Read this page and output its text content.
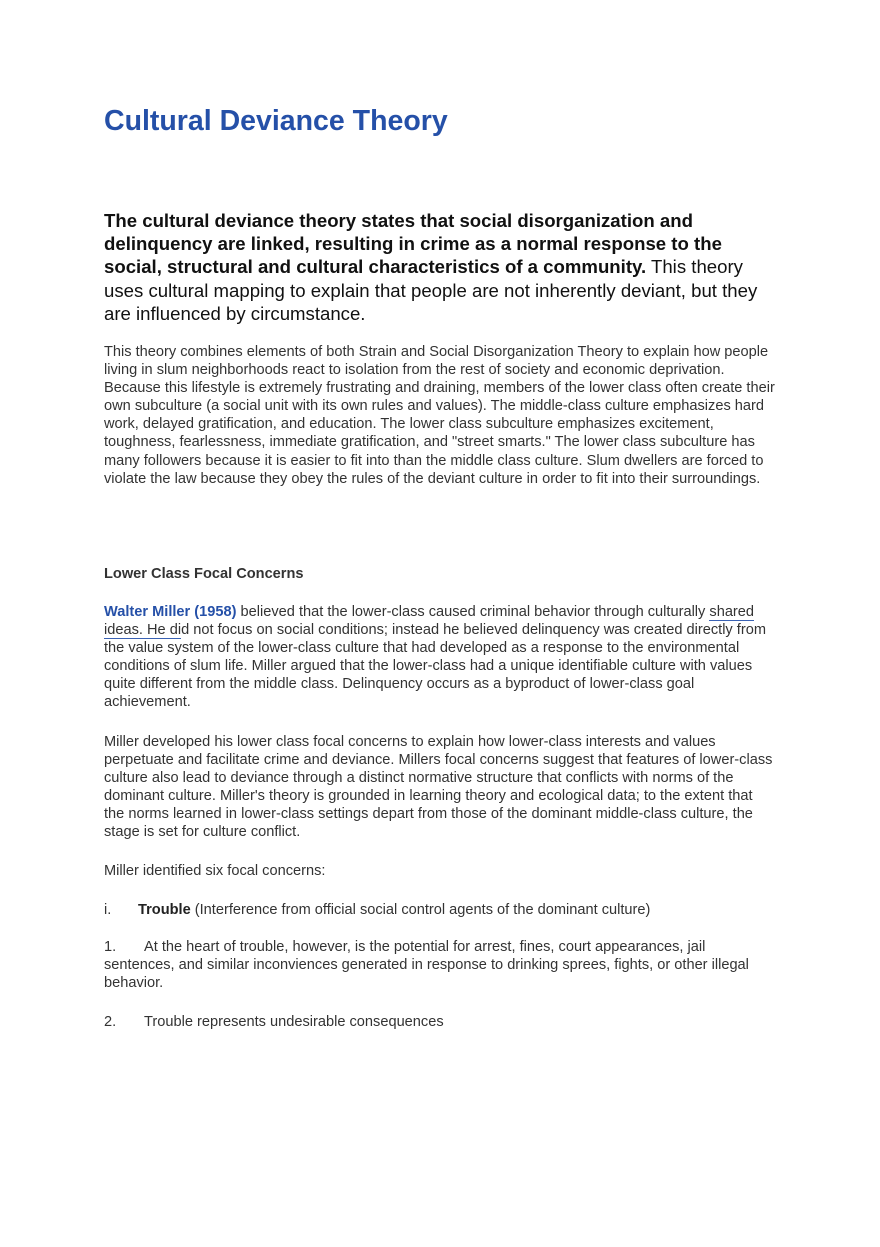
Cultural Deviance Theory

The cultural deviance theory states that social disorganization and delinquency are linked, resulting in crime as a normal response to the social, structural and cultural characteristics of a community. This theory uses cultural mapping to explain that people are not inherently deviant, but they are influenced by circumstance.

This theory combines elements of both Strain and Social Disorganization Theory to explain how people living in slum neighborhoods react to isolation from the rest of society and economic deprivation. Because this lifestyle is extremely frustrating and draining, members of the lower class often create their own subculture (a social unit with its own rules and values). The middle-class culture emphasizes hard work, delayed gratification, and education. The lower class subculture emphasizes excitement, toughness, fearlessness, immediate gratification, and "street smarts." The lower class subculture has many followers because it is easier to fit into than the middle class culture. Slum dwellers are forced to violate the law because they obey the rules of the deviant culture in order to fit into their surroundings.

Lower Class Focal Concerns

Walter Miller (1958) believed that the lower-class caused criminal behavior through culturally shared ideas. He did not focus on social conditions; instead he believed delinquency was created directly from the value system of the lower-class culture that had developed as a response to the environmental conditions of slum life. Miller argued that the lower-class had a unique identifiable culture with values quite different from the middle class. Delinquency occurs as a byproduct of lower-class goal achievement.

Miller developed his lower class focal concerns to explain how lower-class interests and values perpetuate and facilitate crime and deviance. Millers focal concerns suggest that features of lower-class culture also lead to deviance through a distinct normative structure that conflicts with norms of the dominant culture. Miller's theory is grounded in learning theory and ecological data; to the extent that the norms learned in lower-class settings depart from those of the dominant middle-class culture, the stage is set for culture conflict.

Miller identified six focal concerns:

i. Trouble (Interference from official social control agents of the dominant culture)

1. At the heart of trouble, however, is the potential for arrest, fines, court appearances, jail sentences, and similar inconviences generated in response to drinking sprees, fights, or other illegal behavior.

2. Trouble represents undesirable consequences
